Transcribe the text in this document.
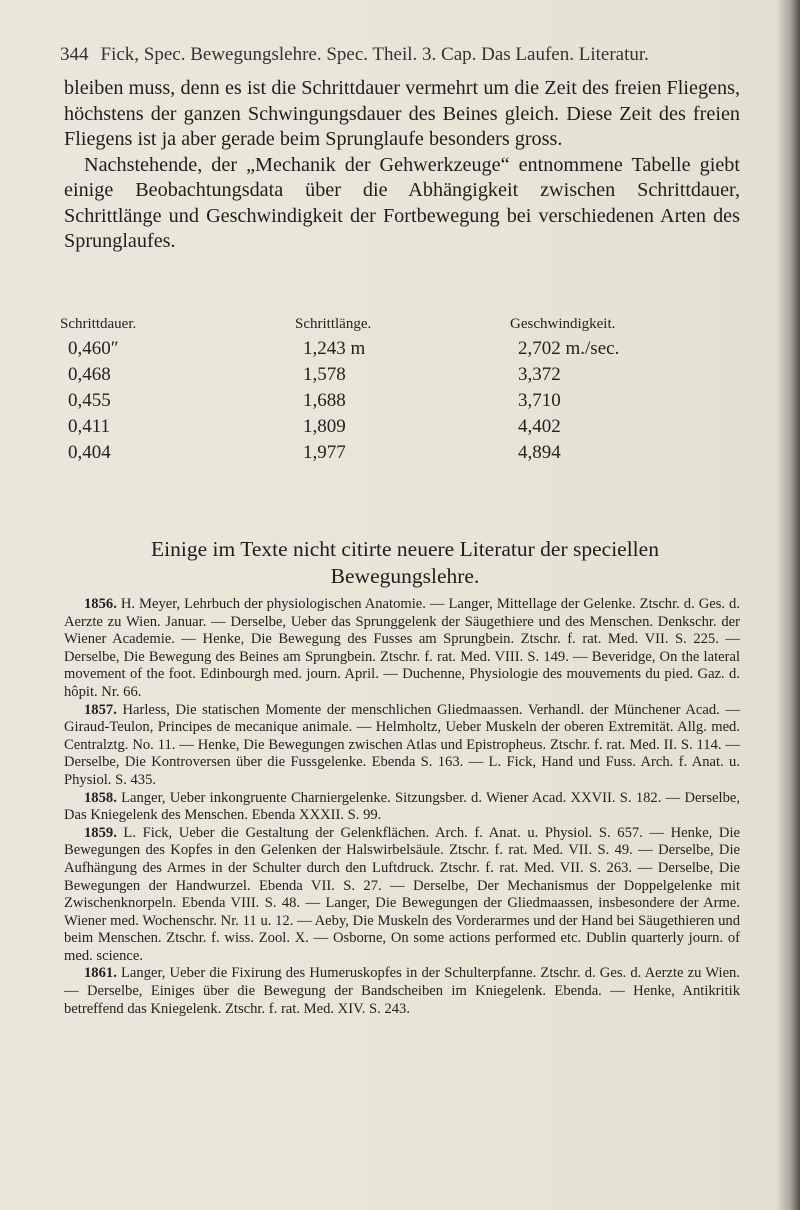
344 Fick, Spec. Bewegungslehre. Spec. Theil. 3. Cap. Das Laufen. Literatur.

bleiben muss, denn es ist die Schrittdauer vermehrt um die Zeit des freien Fliegens, höchstens der ganzen Schwingungsdauer des Beines gleich. Diese Zeit des freien Fliegens ist ja aber gerade beim Sprunglaufe besonders gross.

Nachstehende, der „Mechanik der Gehwerkzeuge“ entnommene Tabelle giebt einige Beobachtungsdata über die Abhängigkeit zwischen Schrittdauer, Schrittlänge und Geschwindigkeit der Fortbewegung bei verschiedenen Arten des Sprunglaufes.

Schrittdauer.	Schrittlänge.	Geschwindigkeit.
0,460″	1,243 m	2,702 m./sec.
0,468	1,578	3,372
0,455	1,688	3,710
0,411	1,809	4,402
0,404	1,977	4,894
Einige im Texte nicht citirte neuere Literatur der speciellen
Bewegungslehre.

1856. H. Meyer, Lehrbuch der physiologischen Anatomie. — Langer, Mittellage der Gelenke. Ztschr. d. Ges. d. Aerzte zu Wien. Januar. — Derselbe, Ueber das Sprunggelenk der Säugethiere und des Menschen. Denkschr. der Wiener Academie. — Henke, Die Bewegung des Fusses am Sprungbein. Ztschr. f. rat. Med. VII. S. 225. — Derselbe, Die Bewegung des Beines am Sprungbein. Ztschr. f. rat. Med. VIII. S. 149. — Beveridge, On the lateral movement of the foot. Edinbourgh med. journ. April. — Duchenne, Physiologie des mouvements du pied. Gaz. d. hôpit. Nr. 66.

1857. Harless, Die statischen Momente der menschlichen Gliedmaassen. Verhandl. der Münchener Acad. — Giraud-Teulon, Principes de mecanique animale. — Helmholtz, Ueber Muskeln der oberen Extremität. Allg. med. Centralztg. No. 11. — Henke, Die Bewegungen zwischen Atlas und Epistropheus. Ztschr. f. rat. Med. II. S. 114. — Derselbe, Die Kontroversen über die Fussgelenke. Ebenda S. 163. — L. Fick, Hand und Fuss. Arch. f. Anat. u. Physiol. S. 435.

1858. Langer, Ueber inkongruente Charniergelenke. Sitzungsber. d. Wiener Acad. XXVII. S. 182. — Derselbe, Das Kniegelenk des Menschen. Ebenda XXXII. S. 99.

1859. L. Fick, Ueber die Gestaltung der Gelenkflächen. Arch. f. Anat. u. Physiol. S. 657. — Henke, Die Bewegungen des Kopfes in den Gelenken der Halswirbelsäule. Ztschr. f. rat. Med. VII. S. 49. — Derselbe, Die Aufhängung des Armes in der Schulter durch den Luftdruck. Ztschr. f. rat. Med. VII. S. 263. — Derselbe, Die Bewegungen der Handwurzel. Ebenda VII. S. 27. — Derselbe, Der Mechanismus der Doppelgelenke mit Zwischenknorpeln. Ebenda VIII. S. 48. — Langer, Die Bewegungen der Gliedmaassen, insbesondere der Arme. Wiener med. Wochenschr. Nr. 11 u. 12. — Aeby, Die Muskeln des Vorderarmes und der Hand bei Säugethieren und beim Menschen. Ztschr. f. wiss. Zool. X. — Osborne, On some actions performed etc. Dublin quarterly journ. of med. science.

1861. Langer, Ueber die Fixirung des Humeruskopfes in der Schulterpfanne. Ztschr. d. Ges. d. Aerzte zu Wien. — Derselbe, Einiges über die Bewegung der Bandscheiben im Kniegelenk. Ebenda. — Henke, Antikritik betreffend das Kniegelenk. Ztschr. f. rat. Med. XIV. S. 243.
